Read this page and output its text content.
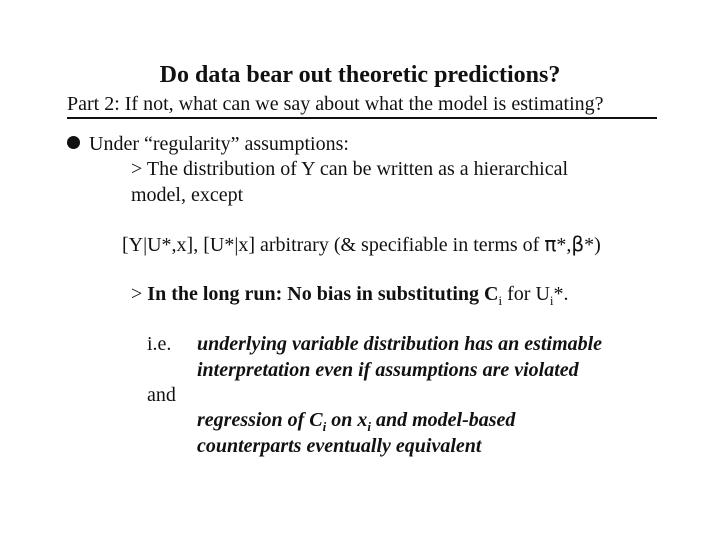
Do data bear out theoretic predictions?
Part 2: If not, what can we say about what the model is estimating?
Under “regularity” assumptions:
> The distribution of Y can be written as a hierarchical
model, except
[Y|U*,x], [U*|x] arbitrary (& specifiable in terms of π*,β*)
> In the long run: No bias in substituting $C_i$ for $U_i*$.
i.e. underlying variable distribution has an estimable
interpretation even if assumptions are violated
and
regression of $C_i$ on $x_i$ and model-based
counterparts eventually equivalent
